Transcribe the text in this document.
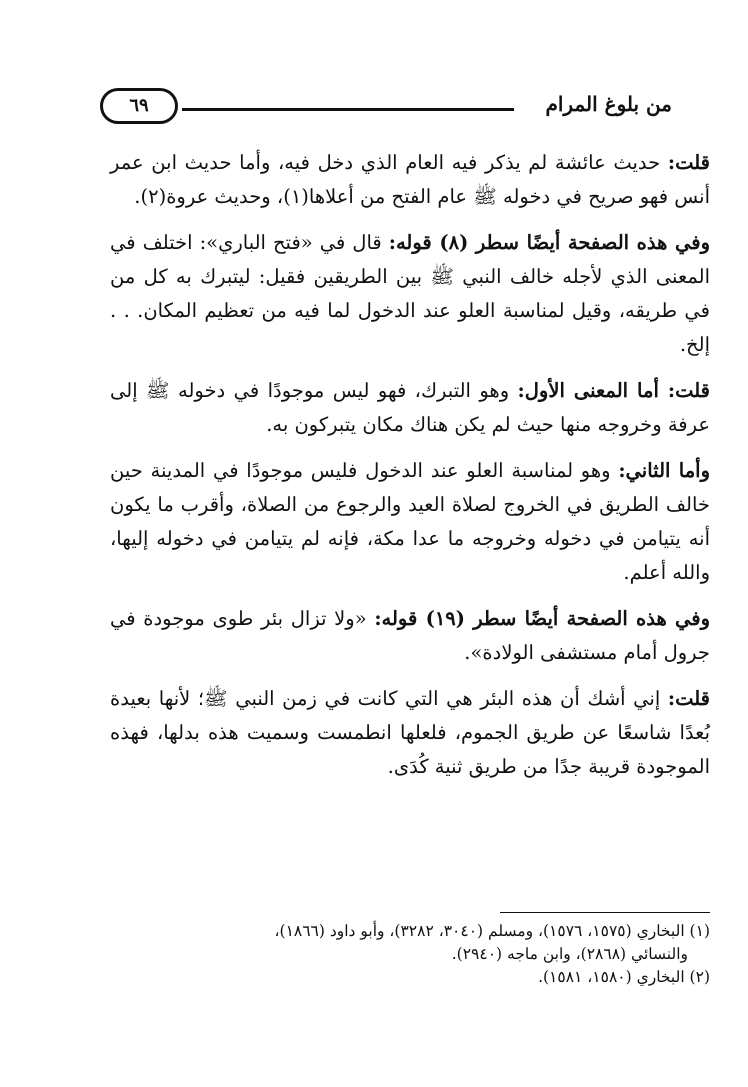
من بلوغ المرام
٦٩

قلت: حديث عائشة لم يذكر فيه العام الذي دخل فيه، وأما حديث ابن عمر أنس فهو صريح في دخوله ﷺ عام الفتح من أعلاها(١)، وحديث عروة(٢).

وفي هذه الصفحة أيضًا سطر (٨) قوله: قال في «فتح الباري»: اختلف في المعنى الذي لأجله خالف النبي ﷺ بين الطريقين فقيل: ليتبرك به كل من في طريقه، وقيل لمناسبة العلو عند الدخول لما فيه من تعظيم المكان. . . إلخ.

قلت: أما المعنى الأول: وهو التبرك، فهو ليس موجودًا في دخوله ﷺ إلى عرفة وخروجه منها حيث لم يكن هناك مكان يتبركون به.

وأما الثاني: وهو لمناسبة العلو عند الدخول فليس موجودًا في المدينة حين خالف الطريق في الخروج لصلاة العيد والرجوع من الصلاة، وأقرب ما يكون أنه يتيامن في دخوله وخروجه ما عدا مكة، فإنه لم يتيامن في دخوله إليها، والله أعلم.

وفي هذه الصفحة أيضًا سطر (١٩) قوله: «ولا تزال بئر طوى موجودة في جرول أمام مستشفى الولادة».

قلت: إني أشك أن هذه البئر هي التي كانت في زمن النبي ﷺ؛ لأنها بعيدة بُعدًا شاسعًا عن طريق الجموم، فلعلها انطمست وسميت هذه بدلها، فهذه الموجودة قريبة جدًا من طريق ثنية كُدَى.

(١) البخاري (١٥٧٥، ١٥٧٦)، ومسلم (٣٠٤٠، ٣٢٨٢)، وأبو داود (١٨٦٦)،

والنسائي (٢٨٦٨)، وابن ماجه (٢٩٤٠).

(٢) البخاري (١٥٨٠، ١٥٨١).
